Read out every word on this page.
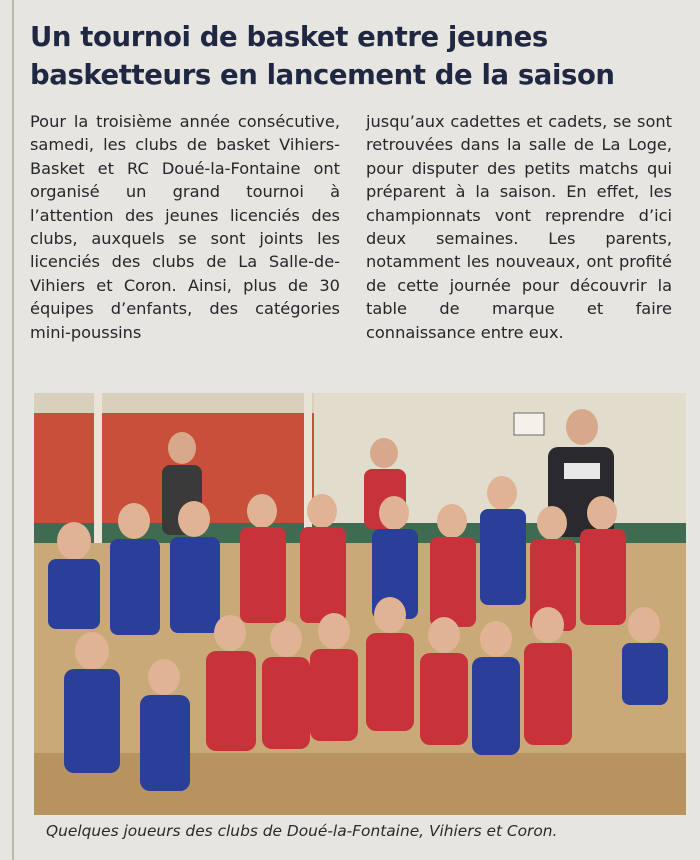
Un tournoi de basket entre jeunes basketteurs en lancement de la saison
Pour la troisième année consécutive, samedi, les clubs de basket Vihiers-Basket et RC Doué-la-Fontaine ont organisé un grand tournoi à l’attention des jeunes licenciés des clubs, auxquels se sont joints les licenciés des clubs de La Salle-de-Vihiers et Coron. Ainsi, plus de 30 équipes d’enfants, des catégories mini-poussins
jusqu’aux cadettes et cadets, se sont retrouvées dans la salle de La Loge, pour disputer des petits matchs qui préparent à la saison. En effet, les championnats vont reprendre d’ici deux semaines. Les parents, notamment les nouveaux, ont profité de cette journée pour découvrir la table de marque et faire connaissance entre eux.
Quelques joueurs des clubs de Doué-la-Fontaine, Vihiers et Coron.
